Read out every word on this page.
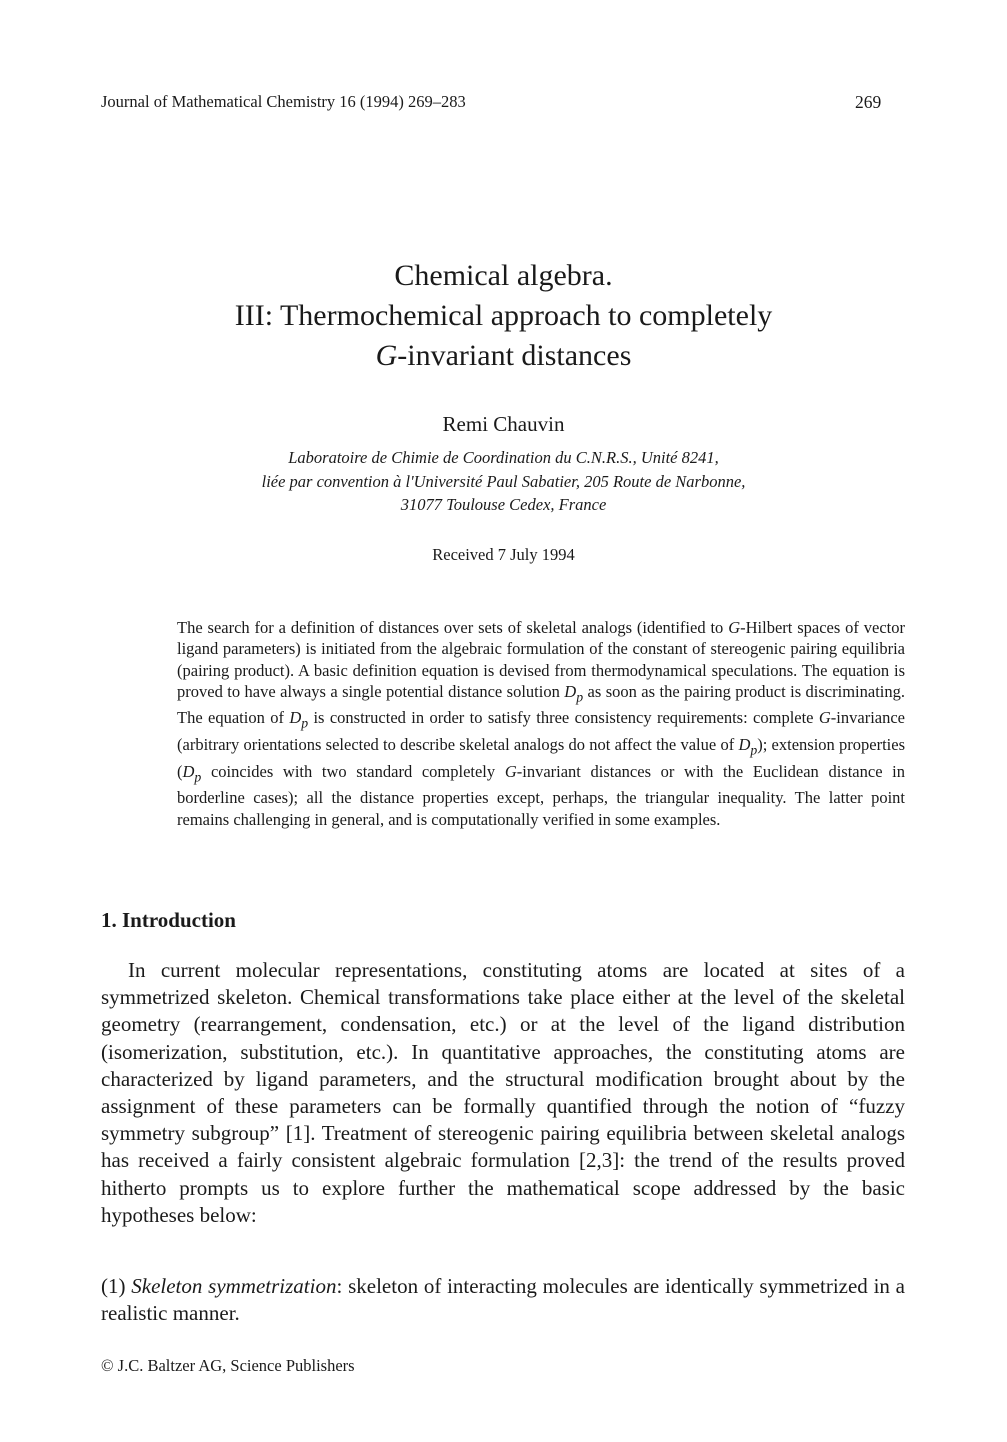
Journal of Mathematical Chemistry 16 (1994) 269–283	269
Chemical algebra.
III: Thermochemical approach to completely
G-invariant distances
Remi Chauvin
Laboratoire de Chimie de Coordination du C.N.R.S., Unité 8241,
liée par convention à l'Université Paul Sabatier, 205 Route de Narbonne,
31077 Toulouse Cedex, France
Received 7 July 1994
The search for a definition of distances over sets of skeletal analogs (identified to G-Hilbert spaces of vector ligand parameters) is initiated from the algebraic formulation of the constant of stereogenic pairing equilibria (pairing product). A basic definition equation is devised from thermodynamical speculations. The equation is proved to have always a single potential distance solution $D_p$ as soon as the pairing product is discriminating. The equation of $D_p$ is constructed in order to satisfy three consistency requirements: complete G-invariance (arbitrary orientations selected to describe skeletal analogs do not affect the value of $D_p$); extension properties ($D_p$ coincides with two standard completely G-invariant distances or with the Euclidean distance in borderline cases); all the distance properties except, perhaps, the triangular inequality. The latter point remains challenging in general, and is computationally verified in some examples.
1. Introduction
In current molecular representations, constituting atoms are located at sites of a symmetrized skeleton. Chemical transformations take place either at the level of the skeletal geometry (rearrangement, condensation, etc.) or at the level of the ligand distribution (isomerization, substitution, etc.). In quantitative approaches, the constituting atoms are characterized by ligand parameters, and the structural modification brought about by the assignment of these parameters can be formally quantified through the notion of “fuzzy symmetry subgroup” [1]. Treatment of stereogenic pairing equilibria between skeletal analogs has received a fairly consistent algebraic formulation [2,3]: the trend of the results proved hitherto prompts us to explore further the mathematical scope addressed by the basic hypotheses below:
(1) Skeleton symmetrization: skeleton of interacting molecules are identically symmetrized in a realistic manner.
© J.C. Baltzer AG, Science Publishers
